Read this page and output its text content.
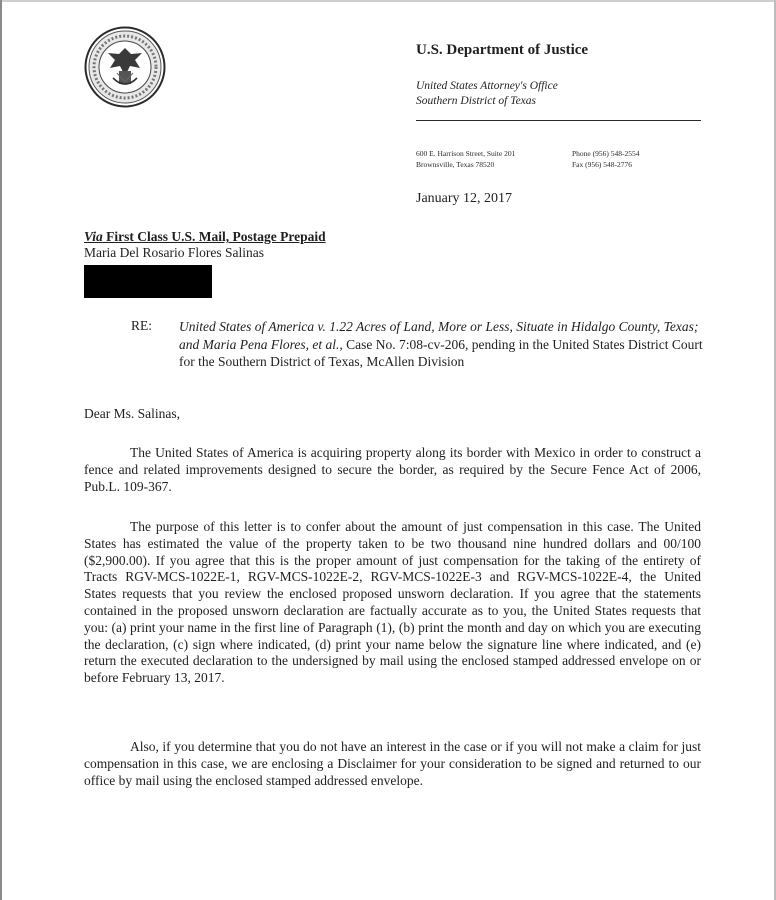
U.S. Department of Justice
United States Attorney's Office
Southern District of Texas
600 E. Harrison Street, Suite 201
Brownsville, Texas 78520
Phone (956) 548-2554
Fax (956) 548-2776
January 12, 2017
Via First Class U.S. Mail, Postage Prepaid
Maria Del Rosario Flores Salinas
RE: United States of America v. 1.22 Acres of Land, More or Less, Situate in Hidalgo County, Texas; and Maria Pena Flores, et al., Case No. 7:08-cv-206, pending in the United States District Court for the Southern District of Texas, McAllen Division
Dear Ms. Salinas,
The United States of America is acquiring property along its border with Mexico in order to construct a fence and related improvements designed to secure the border, as required by the Secure Fence Act of 2006, Pub.L. 109-367.
The purpose of this letter is to confer about the amount of just compensation in this case. The United States has estimated the value of the property taken to be two thousand nine hundred dollars and 00/100 ($2,900.00). If you agree that this is the proper amount of just compensation for the taking of the entirety of Tracts RGV-MCS-1022E-1, RGV-MCS-1022E-2, RGV-MCS-1022E-3 and RGV-MCS-1022E-4, the United States requests that you review the enclosed proposed unsworn declaration. If you agree that the statements contained in the proposed unsworn declaration are factually accurate as to you, the United States requests that you: (a) print your name in the first line of Paragraph (1), (b) print the month and day on which you are executing the declaration, (c) sign where indicated, (d) print your name below the signature line where indicated, and (e) return the executed declaration to the undersigned by mail using the enclosed stamped addressed envelope on or before February 13, 2017.
Also, if you determine that you do not have an interest in the case or if you will not make a claim for just compensation in this case, we are enclosing a Disclaimer for your consideration to be signed and returned to our office by mail using the enclosed stamped addressed envelope.
